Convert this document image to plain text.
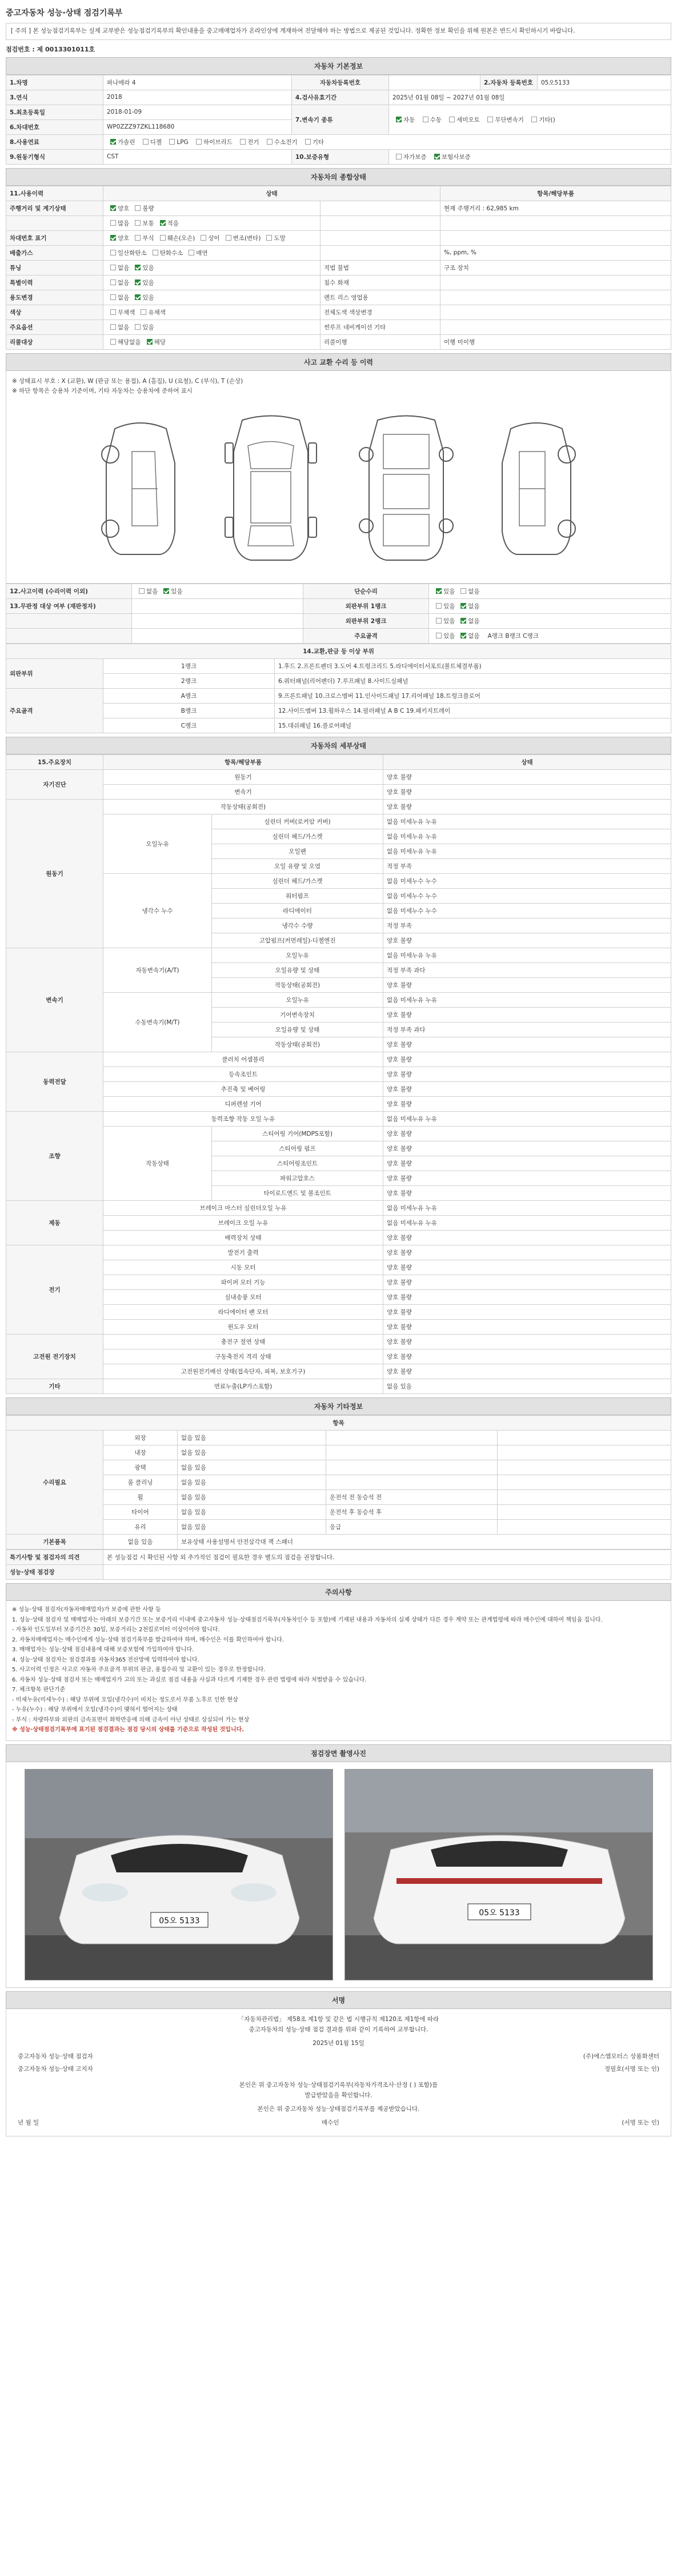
중고자동차 성능·상태 점검기록부
[ 주의 ] 본 성능점검기록부는 실제 교부받은 성능점검기록부의 확인내용을 중고매매업자가 온라인상에 게재하여 전달해야 하는 방법으로 제공된 것입니다. 정확한 정보 확인을 위해 원본은 반드시 확인하시기 바랍니다.
점검번호 : 제 0013301011호
자동차 기본정보
1.차명	파나메라 4	자동차등록번호		2.자동차 등록번호	05오5133
3.연식	2018	4.검사유효기간	2025년 01월 08일 ~ 2027년 01월 08일		
5.최초등록일	2018-01-09	7.변속기 종류	자동 수동 세미오토 무단변속기 기타()		
6.차대번호	WP0ZZZ97ZKL118680				
8.사용연료	가솔린 디젤 LPG 하이브리드 전기 수소전기 기타				
9.원동기형식	CST	10.보증유형	자가보증 보험사보증		
자동차의 종합상태
11.사용이력	상태		항목/해당부품
주행거리 및 계기상태	양호 불량		현재 주행거리 : 62,985 km
	많음 보통 적음		
차대번호 표기	양호 부식 훼손(오손) 상이 변조(변타) 도말		
배출가스	일산화탄소 탄화수소 매연		%, ppm, %
튜닝	없음 있음	적법 불법	구조 장치
특별이력	없음 있음	침수 화재	
용도변경	없음 있음	렌트 리스 영업용	
색상	무채색 유채색	전체도색 색상변경	
주요옵션	없음 있음	썬루프 네비게이션 기타	
리콜대상	해당없음 해당	리콜이행	이행 미이행
사고 교환 수리 등 이력
※ 상태표시 부호 : X (교환), W (판금 또는 용접), A (흠집), U (요철), C (부식), T (손상)
※ 하단 항목은 승용차 기준이며, 기타 자동차는 승용차에 준하여 표시
12.사고이력 (수리이력 이외)	없음 있음	단순수리	있음 없음
13.무판정 대상 여부 (재판정자)		외판부위 1랭크	있음 없음
		외판부위 2랭크	있음 없음
		주요골격	있음 없음 A랭크 B랭크 C랭크
14.교환,판금 등 이상 부위		
외판부위	1랭크	1.후드 2.프론트펜더 3.도어 4.트렁크리드 5.라디에이터서포트(볼트체결부품)
	2랭크	6.쿼터패널(리어펜더) 7.루프패널 8.사이드실패널
주요골격	A랭크	9.프론트패널 10.크로스멤버 11.인사이드패널 17.리어패널 18.트렁크플로어
	B랭크	12.사이드멤버 13.휠하우스 14.필러패널 A B C 19.패키지트레이
	C랭크	15.대쉬패널 16.플로어패널
자동차의 세부상태
15.주요장치	항목/해당부품		상태
자기진단	원동기		양호 불량
	변속기		양호 불량
원동기	작동상태(공회전)		양호 불량
	오일누유	실린더 커버(로커암 커버)	없음 미세누유 누유
		실린더 헤드/가스켓	없음 미세누유 누유
		오일팬	없음 미세누유 누유
		오일 유량 및 오염	적정 부족
	냉각수 누수	실린더 헤드/가스켓	없음 미세누수 누수
		워터펌프	없음 미세누수 누수
		라디에이터	없음 미세누수 누수
		냉각수 수량	적정 부족
		고압펌프(커먼레일)-디젤엔진	양호 불량
변속기	자동변속기(A/T)	오일누유	없음 미세누유 누유
		오일유량 및 상태	적정 부족 과다
		작동상태(공회전)	양호 불량
	수동변속기(M/T)	오일누유	없음 미세누유 누유
		기어변속장치	양호 불량
		오일유량 및 상태	적정 부족 과다
		작동상태(공회전)	양호 불량
동력전달	클러치 어셈블리		양호 불량
	등속조인트		양호 불량
	추진축 및 베어링		양호 불량
	디퍼렌셜 기어		양호 불량
조향	동력조향 작동 오일 누유		없음 미세누유 누유
	작동상태	스티어링 기어(MDPS포함)	양호 불량
		스티어링 펌프	양호 불량
		스티어링조인트	양호 불량
		파워고압호스	양호 불량
		타이로드엔드 및 볼조인트	양호 불량
제동	브레이크 마스터 실린더오일 누유		없음 미세누유 누유
	브레이크 오일 누유		없음 미세누유 누유
	배력장치 상태		양호 불량
전기	발전기 출력		양호 불량
	시동 모터		양호 불량
	와이퍼 모터 기능		양호 불량
	실내송풍 모터		양호 불량
	라디에이터 팬 모터		양호 불량
	윈도우 모터		양호 불량
고전원 전기장치	충전구 절연 상태		양호 불량
	구동축전지 격리 상태		양호 불량
	고전원전기배선 상태(접속단자, 피복, 보호기구)		양호 불량
기타	연료누출(LP가스포함)		없음 있음
자동차 기타정보
항목				
수리필요	외장	없음 있음		
	내장	없음 있음		
	광택	없음 있음		
	룸 클리닝	없음 있음		
	휠	없음 있음	운전석 전 동승석 전	
	타이어	없음 있음	운전석 후 동승석 후	
	유리	없음 있음	응급	
기본품목	없음 있음	보유상태 사용설명서 안전삼각대 잭 스패너		
특기사항 및 점검자의 의견	본 성능점검 시 확인된 사항 외 추가적인 점검이 필요한 경우 별도의 점검을 권장합니다.
성능·상태 점검장	
주의사항

※ 성능·상태 점검자(자동차매매업자)가 보증에 관한 사항 등

1. 성능·상태 점검자 및 매매업자는 아래의 보증기간 또는 보증거리 이내에 중고자동차 성능·상태점검기록부(자동차인수 등 포함)에 기재된 내용과 자동차의 실제 상태가 다른 경우 계약 또는 관계법령에 따라 매수인에 대하여 책임을 집니다.

- 자동차 인도일부터 보증기간은 30일, 보증거리는 2천킬로미터 이상이어야 합니다.

2. 자동차매매업자는 매수인에게 성능·상태 점검기록부를 발급하여야 하며, 매수인은 이를 확인하여야 합니다.

3. 매매업자는 성능·상태 점검내용에 대해 보증보험에 가입하여야 합니다.

4. 성능·상태 점검자는 점검결과를 자동차365 전산망에 입력하여야 합니다.

5. 사고이력 인정은 사고로 자동차 주요골격 부위의 판금, 용접수리 및 교환이 있는 경우로 한정합니다.

6. 자동차 성능·상태 점검자 또는 매매업자가 고의 또는 과실로 점검 내용을 사실과 다르게 기재한 경우 관련 법령에 따라 처벌받을 수 있습니다.

7. 체크항목 판단기준

- 미세누유(미세누수) : 해당 부위에 오일(냉각수)이 비치는 정도로서 부품 노후로 인한 현상

- 누유(누수) : 해당 부위에서 오일(냉각수)이 맺혀서 떨어지는 상태

- 부식 : 차량하부와 외판의 금속표면이 화학반응에 의해 금속이 아닌 상태로 상실되어 가는 현상

※ 성능·상태점검기록부에 표기된 점검결과는 점검 당시의 상태를 기준으로 작성된 것입니다.

점검장면 촬영사진
05오 5133
05오 5133
서명
「자동차관리법」 제58조 제1항 및 같은 법 시행규칙 제120조 제1항에 따라
중고자동차의 성능·상태 점검 결과를 위와 같이 기록하여 교부합니다.
2025년 01월 15일
중고자동차 성능·상태 점검자	(주)에스엠모터스 상품화센터
중고자동차 성능·상태 고지자	정필호(서명 또는 인)
본인은 위 중고자동차 성능·상태점검기록부(자동차가격조사·산정 ( ) 포함)를
발급받았음을 확인합니다.
본인은 위 중고자동차 성능·상태점검기록부를 제공받았습니다.
년 월 일	매수인	(서명 또는 인)
